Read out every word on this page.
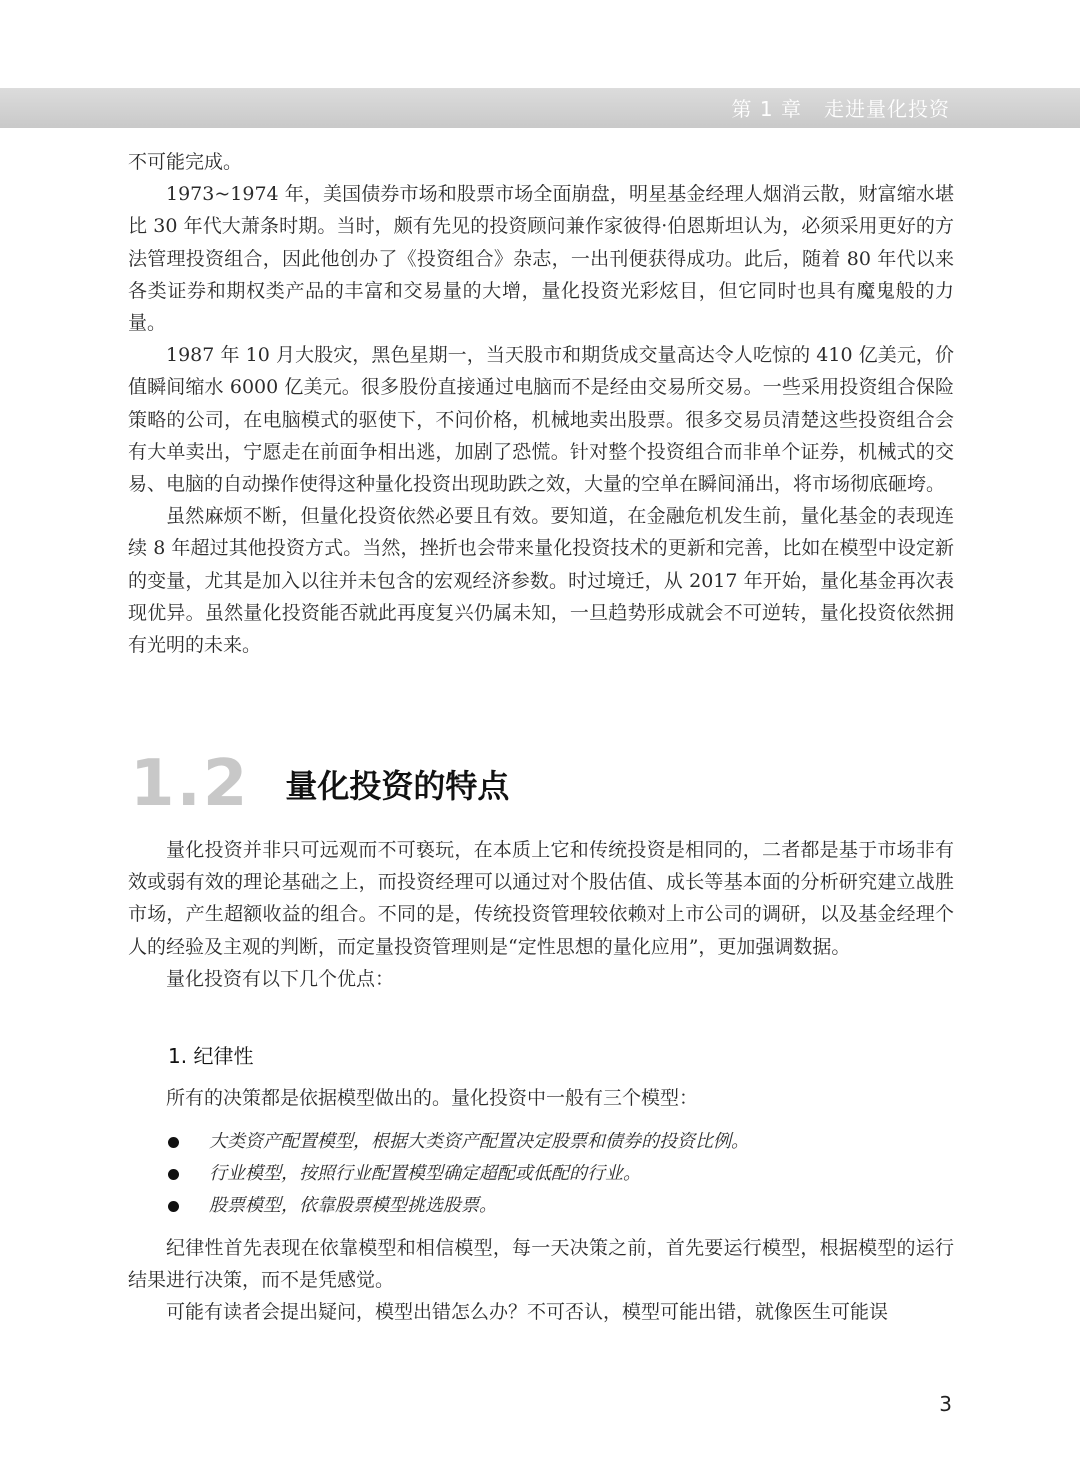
第 1 章 走进量化投资

不可能完成。

1973~1974 年，美国债券市场和股票市场全面崩盘，明星基金经理人烟消云散，财富缩水堪比 30 年代大萧条时期。当时，颇有先见的投资顾问兼作家彼得·伯恩斯坦认为，必须采用更好的方法管理投资组合，因此他创办了《投资组合》杂志，一出刊便获得成功。此后，随着 80 年代以来各类证券和期权类产品的丰富和交易量的大增，量化投资光彩炫目，但它同时也具有魔鬼般的力量。

1987 年 10 月大股灾，黑色星期一，当天股市和期货成交量高达令人吃惊的 410 亿美元，价值瞬间缩水 6000 亿美元。很多股份直接通过电脑而不是经由交易所交易。一些采用投资组合保险策略的公司，在电脑模式的驱使下，不问价格，机械地卖出股票。很多交易员清楚这些投资组合会有大单卖出，宁愿走在前面争相出逃，加剧了恐慌。针对整个投资组合而非单个证券，机械式的交易、电脑的自动操作使得这种量化投资出现助跌之效，大量的空单在瞬间涌出，将市场彻底砸垮。

虽然麻烦不断，但量化投资依然必要且有效。要知道，在金融危机发生前，量化基金的表现连续 8 年超过其他投资方式。当然，挫折也会带来量化投资技术的更新和完善，比如在模型中设定新的变量，尤其是加入以往并未包含的宏观经济参数。时过境迁，从 2017 年开始，量化基金再次表现优异。虽然量化投资能否就此再度复兴仍属未知，一旦趋势形成就会不可逆转，量化投资依然拥有光明的未来。

1.2 量化投资的特点

量化投资并非只可远观而不可亵玩，在本质上它和传统投资是相同的，二者都是基于市场非有效或弱有效的理论基础之上，而投资经理可以通过对个股估值、成长等基本面的分析研究建立战胜市场，产生超额收益的组合。不同的是，传统投资管理较依赖对上市公司的调研，以及基金经理个人的经验及主观的判断，而定量投资管理则是“定性思想的量化应用”，更加强调数据。

量化投资有以下几个优点：

1. 纪律性

所有的决策都是依据模型做出的。量化投资中一般有三个模型：

大类资产配置模型，根据大类资产配置决定股票和债券的投资比例。
行业模型，按照行业配置模型确定超配或低配的行业。
股票模型，依靠股票模型挑选股票。

纪律性首先表现在依靠模型和相信模型，每一天决策之前，首先要运行模型，根据模型的运行结果进行决策，而不是凭感觉。

可能有读者会提出疑问，模型出错怎么办？不可否认，模型可能出错，就像医生可能误

3
